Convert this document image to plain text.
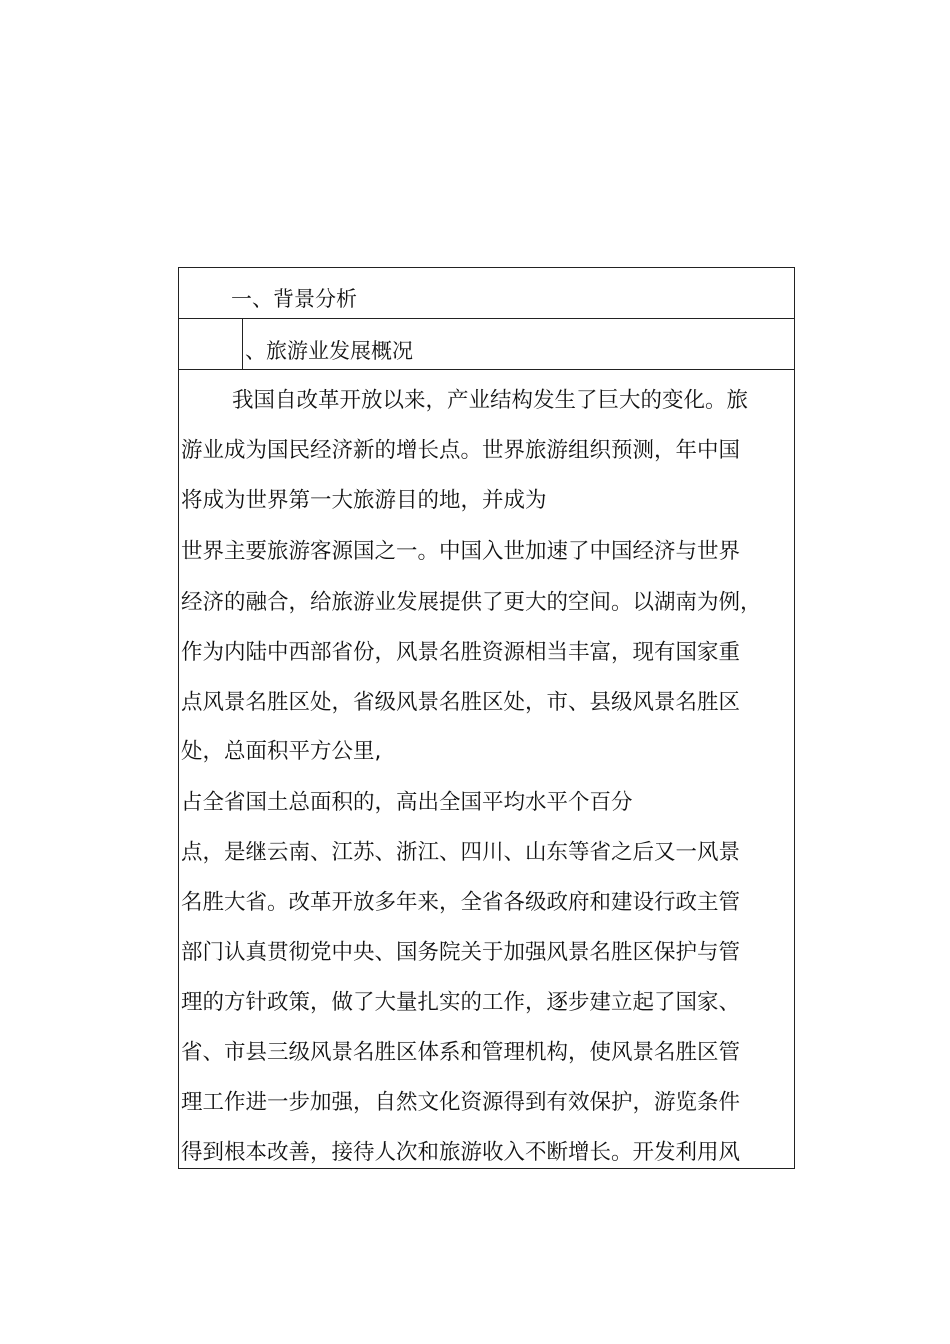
一、背景分析
、旅游业发展概况
我国自改革开放以来，产业结构发生了巨大的变化。旅
游业成为国民经济新的增长点。世界旅游组织预测，年中国
将成为世界第一大旅游目的地，并成为
世界主要旅游客源国之一。中国入世加速了中国经济与世界
经济的融合，给旅游业发展提供了更大的空间。以湖南为例，
作为内陆中西部省份，风景名胜资源相当丰富，现有国家重
点风景名胜区处，省级风景名胜区处，市、县级风景名胜区
处，总面积平方公里,
占全省国土总面积的，高出全国平均水平个百分
点，是继云南、江苏、浙江、四川、山东等省之后又一风景
名胜大省。改革开放多年来，全省各级政府和建设行政主管
部门认真贯彻党中央、国务院关于加强风景名胜区保护与管
理的方针政策，做了大量扎实的工作，逐步建立起了国家、
省、市县三级风景名胜区体系和管理机构，使风景名胜区管
理工作进一步加强，自然文化资源得到有效保护，游览条件
得到根本改善，接待人次和旅游收入不断增长。开发利用风
